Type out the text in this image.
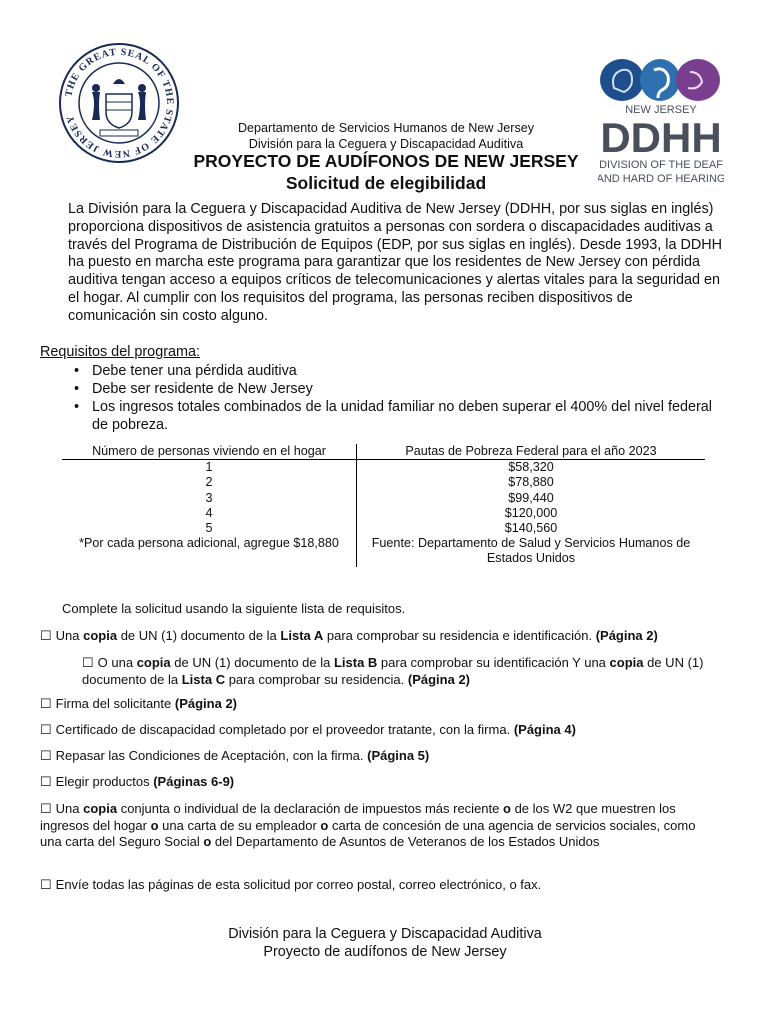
THE GREAT SEAL OF THE STATE OF NEW JERSEY
NEW JERSEY
DDHH
DIVISION OF THE DEAF
AND HARD OF HEARING
Departamento de Servicios Humanos de New Jersey
División para la Ceguera y Discapacidad Auditiva
PROYECTO DE AUDÍFONOS DE NEW JERSEY
Solicitud de elegibilidad

La División para la Ceguera y Discapacidad Auditiva de New Jersey (DDHH, por sus siglas en inglés) proporciona dispositivos de asistencia gratuitos a personas con sordera o discapacidades auditivas a través del Programa de Distribución de Equipos (EDP, por sus siglas en inglés). Desde 1993, la DDHH ha puesto en marcha este programa para garantizar que los residentes de New Jersey con pérdida auditiva tengan acceso a equipos críticos de telecomunicaciones y alertas vitales para la seguridad en el hogar. Al cumplir con los requisitos del programa, las personas reciben dispositivos de comunicación sin costo alguno.

Requisitos del programa:
• Debe tener una pérdida auditiva
• Debe ser residente de New Jersey
• Los ingresos totales combinados de la unidad familiar no deben superar el 400% del nivel federal de pobreza.
Número de personas viviendo en el hogar	Pautas de Pobreza Federal para el año 2023
1	$58,320
2	$78,880
3	$99,440
4	$120,000
5	$140,560
*Por cada persona adicional, agregue $18,880	Fuente: Departamento de Salud y Servicios Humanos de Estados Unidos
Complete la solicitud usando la siguiente lista de requisitos.
☐ Una copia de UN (1) documento de la Lista A para comprobar su residencia e identificación. (Página 2)
☐ O una copia de UN (1) documento de la Lista B para comprobar su identificación Y una copia de UN (1) documento de la Lista C para comprobar su residencia. (Página 2)
☐ Firma del solicitante (Página 2)
☐ Certificado de discapacidad completado por el proveedor tratante, con la firma. (Página 4)
☐ Repasar las Condiciones de Aceptación, con la firma. (Página 5)
☐ Elegir productos (Páginas 6-9)
☐ Una copia conjunta o individual de la declaración de impuestos más reciente o de los W2 que muestren los ingresos del hogar o una carta de su empleador o carta de concesión de una agencia de servicios sociales, como una carta del Seguro Social o del Departamento de Asuntos de Veteranos de los Estados Unidos
☐ Envíe todas las páginas de esta solicitud por correo postal, correo electrónico, o fax.
División para la Ceguera y Discapacidad Auditiva
Proyecto de audífonos de New Jersey
